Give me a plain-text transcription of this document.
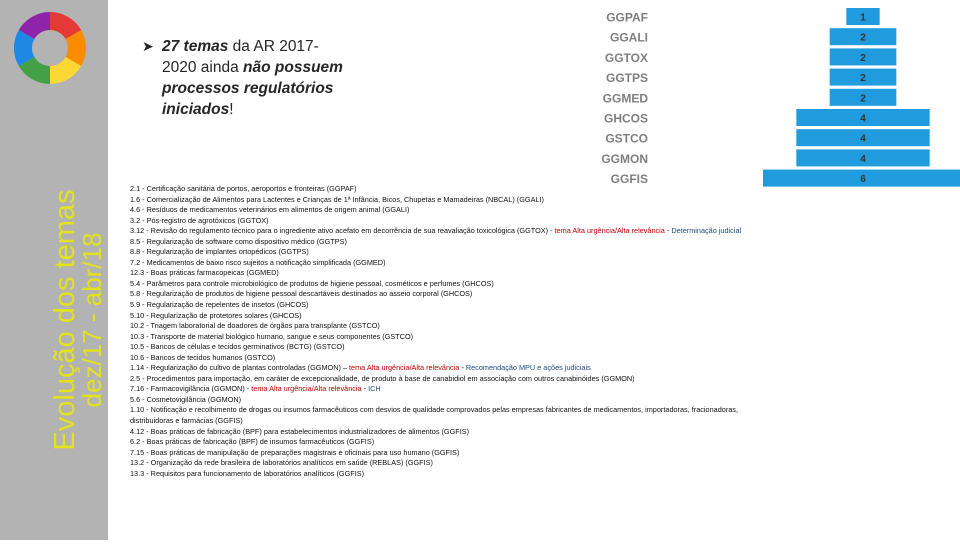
Evolução dos temas
dez/17 - abr/18
➤ 27 temas da AR 2017-2020 ainda não possuem processos regulatórios iniciados!
GGPAF	1
GGALI	2
GGTOX	2
GGTPS	2
GGMED	2
GHCOS	4
GSTCO	4
GGMON	4
GGFIS	6
2.1 - Certificação sanitária de portos, aeroportos e fronteiras (GGPAF)
1.6 - Comercialização de Alimentos para Lactentes e Crianças de 1ª Infância, Bicos, Chupetas e Mamadeiras (NBCAL) (GGALI)
4.6 - Resíduos de medicamentos veterinários em alimentos de origem animal (GGALI)
3.2 - Pós-registro de agrotóxicos (GGTOX)
3.12 - Revisão do regulamento técnico para o ingrediente ativo acefato em decorrência de sua reavaliação toxicológica (GGTOX) - tema Alta urgência/Alta relevância - Determinação judicial
8.5 - Regularização de software como dispositivo médico (GGTPS)
8.8 - Regularização de implantes ortopédicos (GGTPS)
7.2 - Medicamentos de baixo risco sujeitos a notificação simplificada (GGMED)
12.3 - Boas práticas farmacopeicas (GGMED)
5.4 - Parâmetros para controle microbiológico de produtos de higiene pessoal, cosméticos e perfumes (GHCOS)
5.8 - Regularização de produtos de higiene pessoal descartáveis destinados ao asseio corporal (GHCOS)
5.9 - Regularização de repelentes de insetos (GHCOS)
5.10 - Regularização de protetores solares (GHCOS)
10.2 - Triagem laboratorial de doadores de órgãos para transplante (GSTCO)
10.3 - Transporte de material biológico humano, sangue e seus componentes (GSTCO)
10.5 - Bancos de células e tecidos germinativos (BCTG) (GSTCO)
10.6 - Bancos de tecidos humanos (GSTCO)
1.14 - Regularização do cultivo de plantas controladas (GGMON) – tema Alta urgência/Alta relevância - Recomendação MPU e ações judiciais
2.5 - Procedimentos para importação, em caráter de excepcionalidade, de produto à base de canabidiol em associação com outros canabinóides (GGMON)
7.16 - Farmacovigilância (GGMON) - tema Alta urgência/Alta relevância - ICH
5.6 - Cosmetovigilância (GGMON)
1.10 - Notificação e recolhimento de drogas ou insumos farmacêuticos com desvios de qualidade comprovados pelas empresas fabricantes de medicamentos, importadoras, fracionadoras, distribuidoras e farmácias (GGFIS)
4.12 - Boas práticas de fabricação (BPF) para estabelecimentos industrializadores de alimentos (GGFIS)
6.2 - Boas práticas de fabricação (BPF) de insumos farmacêuticos (GGFIS)
7.15 - Boas práticas de manipulação de preparações magistrais e oficinais para uso humano (GGFIS)
13.2 - Organização da rede brasileira de laboratórios analíticos em saúde (REBLAS) (GGFIS)
13.3 - Requisitos para funcionamento de laboratórios analíticos (GGFIS)
